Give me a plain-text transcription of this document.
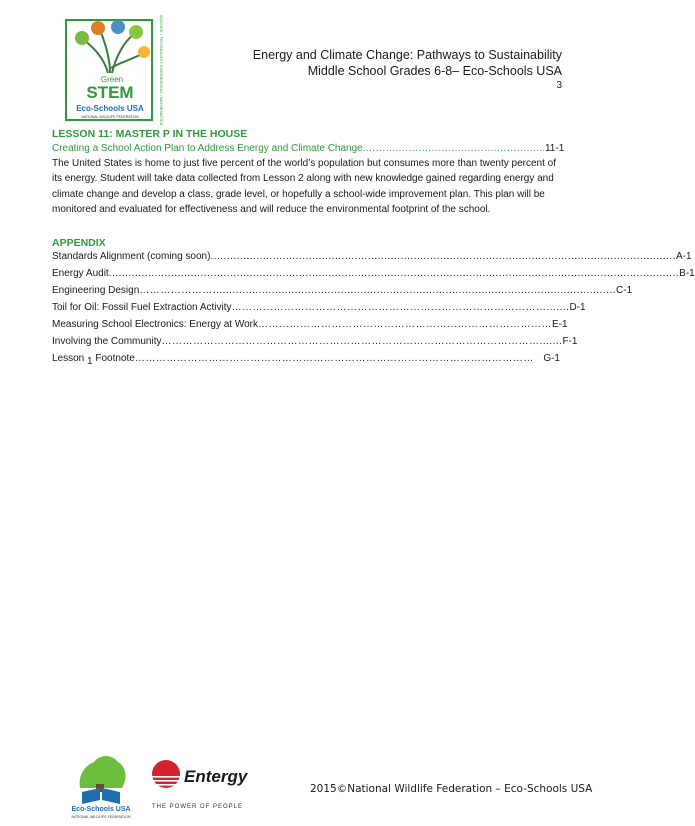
Green
STEM
Eco-Schools USA
NATIONAL WILDLIFE FEDERATION	SCIENCE • TECHNOLOGY ENGINEERING • MATHEMATICS	Energy and Climate Change: Pathways to Sustainability
Middle School Grades 6-8– Eco-Schools USA
3
LESSON 11: MASTER P IN THE HOUSE
Creating a School Action Plan to Address Energy and Climate Change .……….……….……….……….……….….. 11-1
The United States is home to just five percent of the world’s population but consumes more than twenty percent of its energy. Student will take data collected from Lesson 2 along with new knowledge gained regarding energy and climate change and develop a class, grade level, or hopefully a school-wide improvement plan. This plan will be monitored and evaluated for effectiveness and will reduce the environmental footprint of the school.
APPENDIX
Standards Alignment (coming soon) .............................................................................................................................................. A-1
Energy Audit .............................................................................................................................................................................. B-1
Engineering Design …………………........................................................................................................................... C-1
Toil for Oil: Fossil Fuel Extraction Activity ………………………………………………………………………………....... D-1
Measuring School Electronics: Energy at Work ………………………………………………………………………… E-1
Involving the Community ………………………………………………………………………………………………....... F-1
Lesson $_1$ Footnote …………………………………………………………………………………………………… G-1
Eco-Schools USA
NATIONAL WILDLIFE FEDERATION
Entergy
THE POWER OF PEOPLE
2015©National Wildlife Federation – Eco-Schools USA
